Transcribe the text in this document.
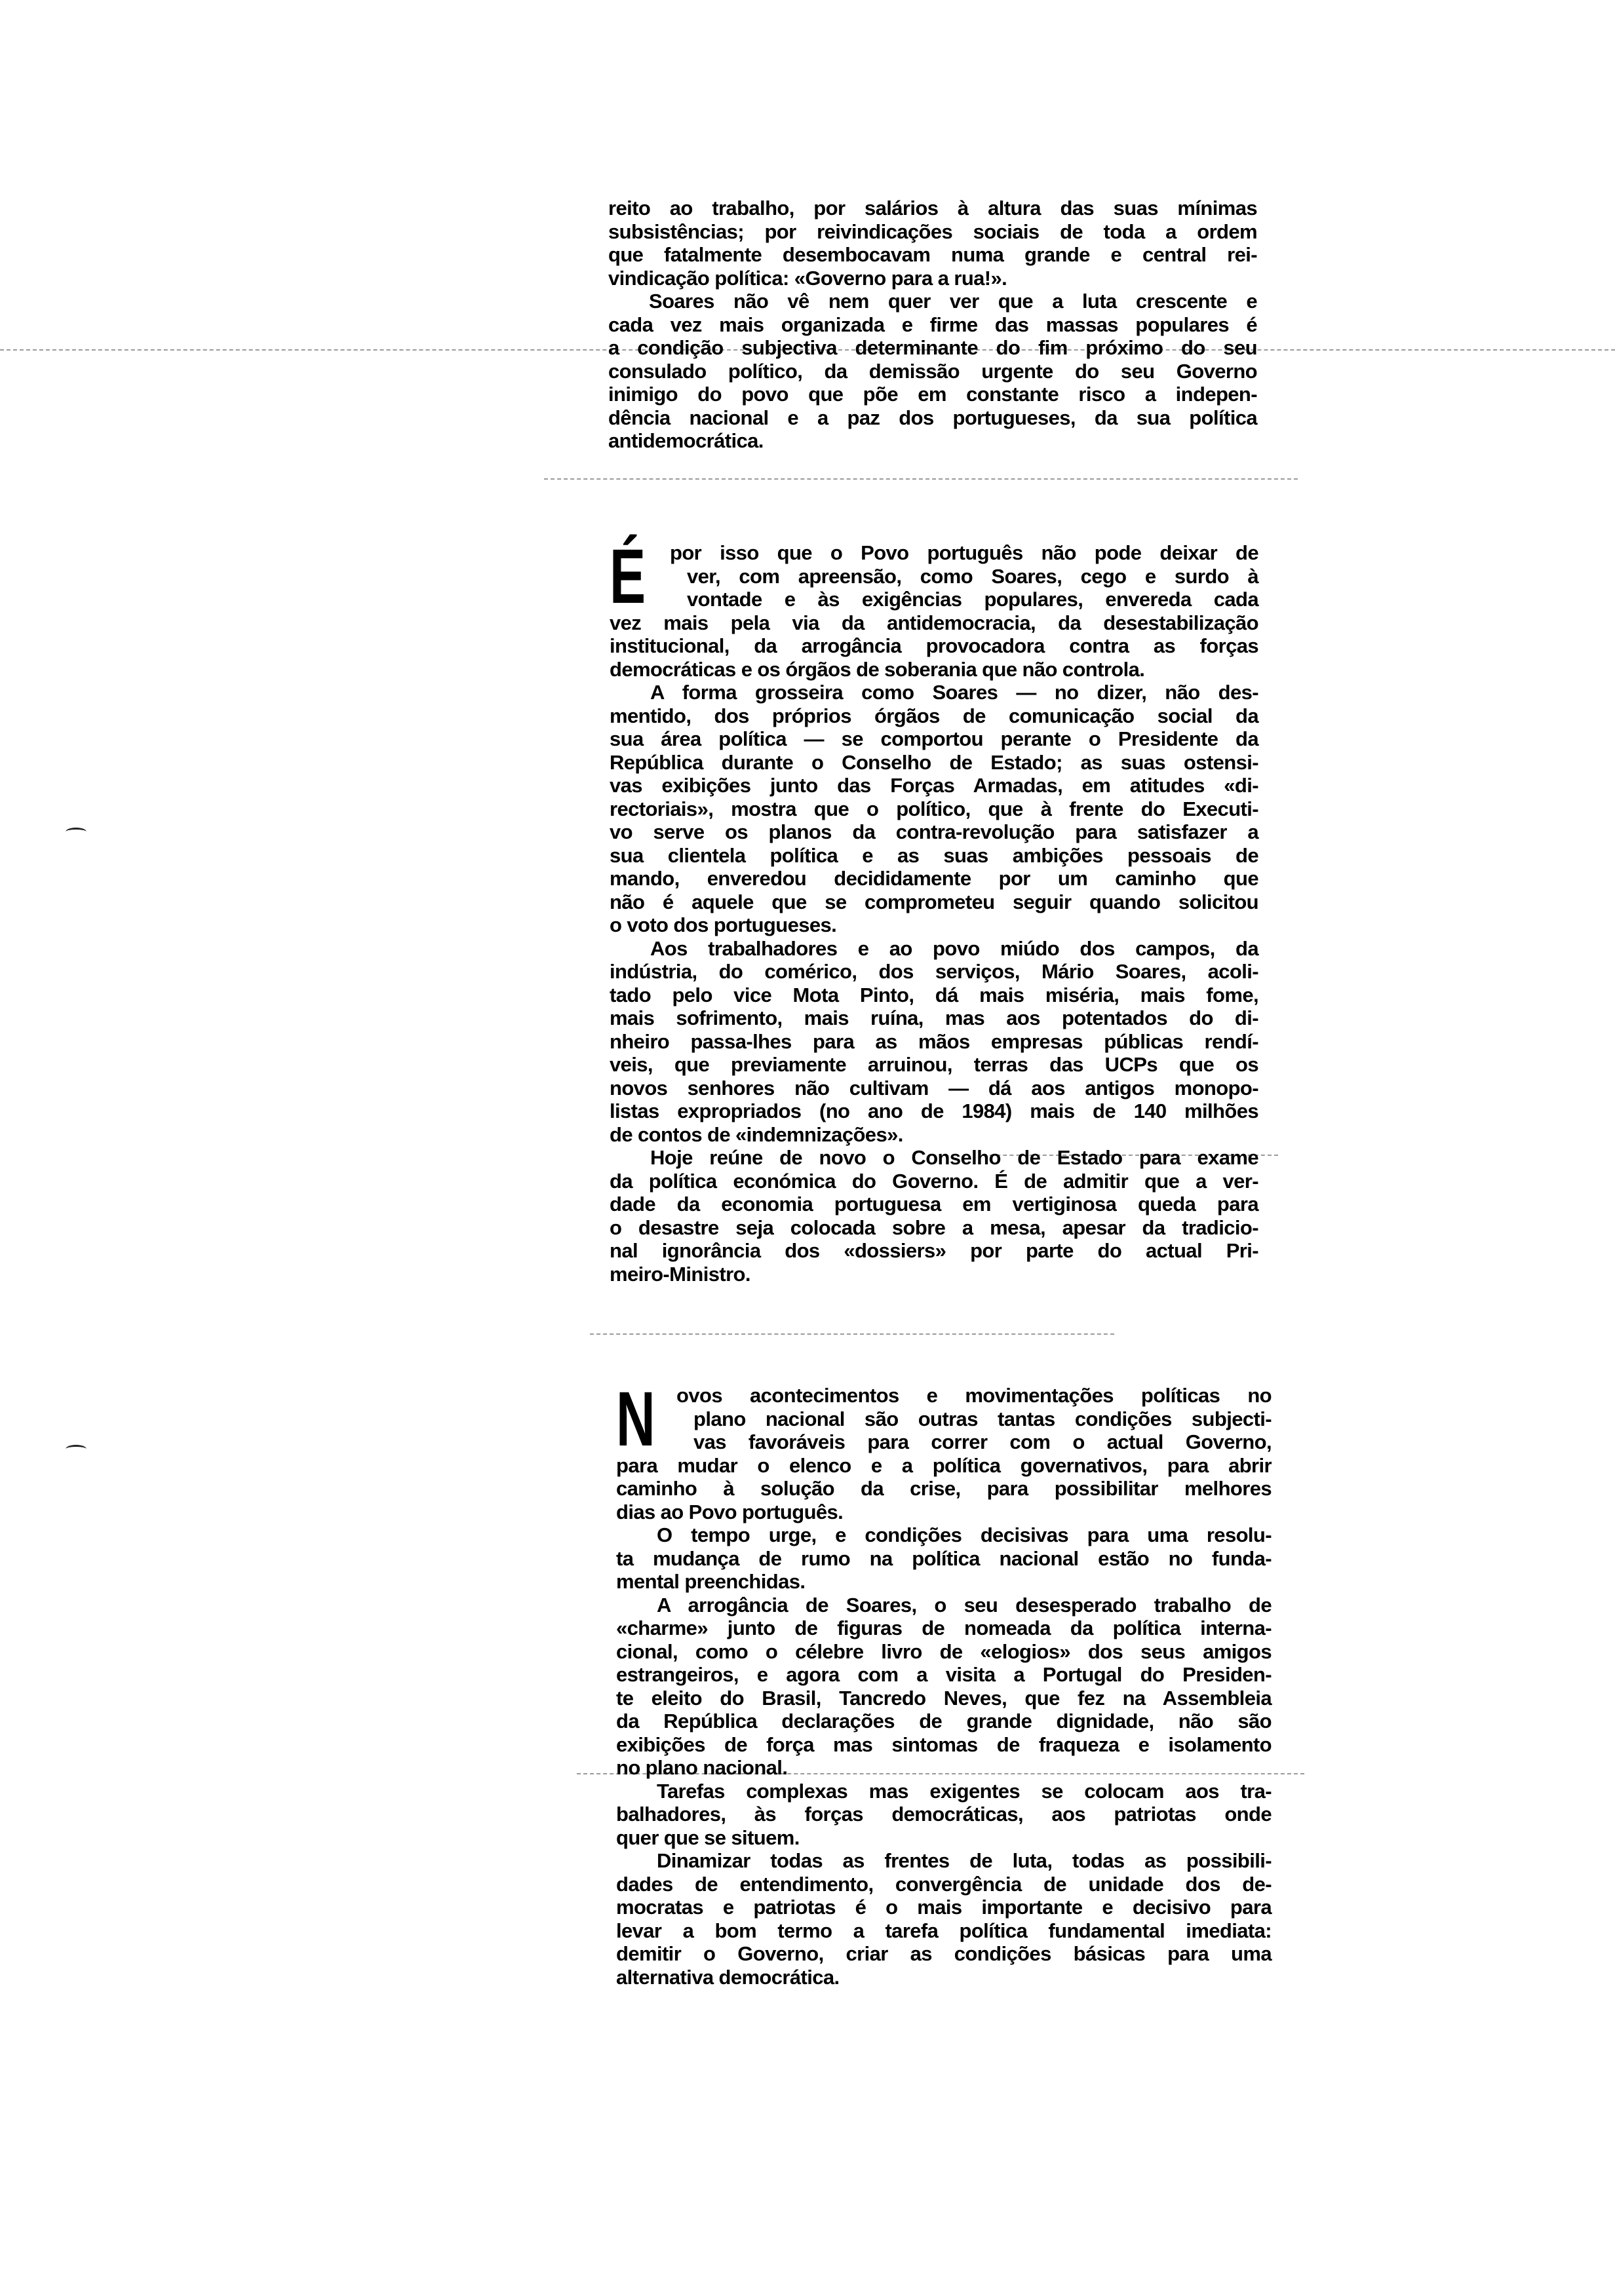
reito ao trabalho, por salários à altura das suas mínimas
subsistências; por reivindicações sociais de toda a ordem
que fatalmente desembocavam numa grande e central rei-
vindicação política: «Governo para a rua!».
Soares não vê nem quer ver que a luta crescente e
cada vez mais organizada e firme das massas populares é
a condição subjectiva determinante do fim próximo do seu
consulado político, da demissão urgente do seu Governo
inimigo do povo que põe em constante risco a indepen-
dência nacional e a paz dos portugueses, da sua política
antidemocrática.
É	por isso que o Povo português não pode deixar de
ver, com apreensão, como Soares, cego e surdo à
vontade e às exigências populares, envereda cada
vez mais pela via da antidemocracia, da desestabilização
institucional, da arrogância provocadora contra as forças
democráticas e os órgãos de soberania que não controla.
A forma grosseira como Soares — no dizer, não des-
mentido, dos próprios órgãos de comunicação social da
sua área política — se comportou perante o Presidente da
República durante o Conselho de Estado; as suas ostensi-
vas exibições junto das Forças Armadas, em atitudes «di-
rectoriais», mostra que o político, que à frente do Executi-
vo serve os planos da contra-revolução para satisfazer a
sua clientela política e as suas ambições pessoais de
mando, enveredou decididamente por um caminho que
não é aquele que se comprometeu seguir quando solicitou
o voto dos portugueses.
Aos trabalhadores e ao povo miúdo dos campos, da
indústria, do comérico, dos serviços, Mário Soares, acoli-
tado pelo vice Mota Pinto, dá mais miséria, mais fome,
mais sofrimento, mais ruína, mas aos potentados do di-
nheiro passa-lhes para as mãos empresas públicas rendí-
veis, que previamente arruinou, terras das UCPs que os
novos senhores não cultivam — dá aos antigos monopo-
listas expropriados (no ano de 1984) mais de 140 milhões
de contos de «indemnizações».
Hoje reúne de novo o Conselho de Estado para exame
da política económica do Governo. É de admitir que a ver-
dade da economia portuguesa em vertiginosa queda para
o desastre seja colocada sobre a mesa, apesar da tradicio-
nal ignorância dos «dossiers» por parte do actual Pri-
meiro-Ministro.
N	ovos acontecimentos e movimentações políticas no
plano nacional são outras tantas condições subjecti-
vas favoráveis para correr com o actual Governo,
para mudar o elenco e a política governativos, para abrir
caminho à solução da crise, para possibilitar melhores
dias ao Povo português.
O tempo urge, e condições decisivas para uma resolu-
ta mudança de rumo na política nacional estão no funda-
mental preenchidas.
A arrogância de Soares, o seu desesperado trabalho de
«charme» junto de figuras de nomeada da política interna-
cional, como o célebre livro de «elogios» dos seus amigos
estrangeiros, e agora com a visita a Portugal do Presiden-
te eleito do Brasil, Tancredo Neves, que fez na Assembleia
da República declarações de grande dignidade, não são
exibições de força mas sintomas de fraqueza e isolamento
no plano nacional.
Tarefas complexas mas exigentes se colocam aos tra-
balhadores, às forças democráticas, aos patriotas onde
quer que se situem.
Dinamizar todas as frentes de luta, todas as possibili-
dades de entendimento, convergência de unidade dos de-
mocratas e patriotas é o mais importante e decisivo para
levar a bom termo a tarefa política fundamental imediata:
demitir o Governo, criar as condições básicas para uma
alternativa democrática.
